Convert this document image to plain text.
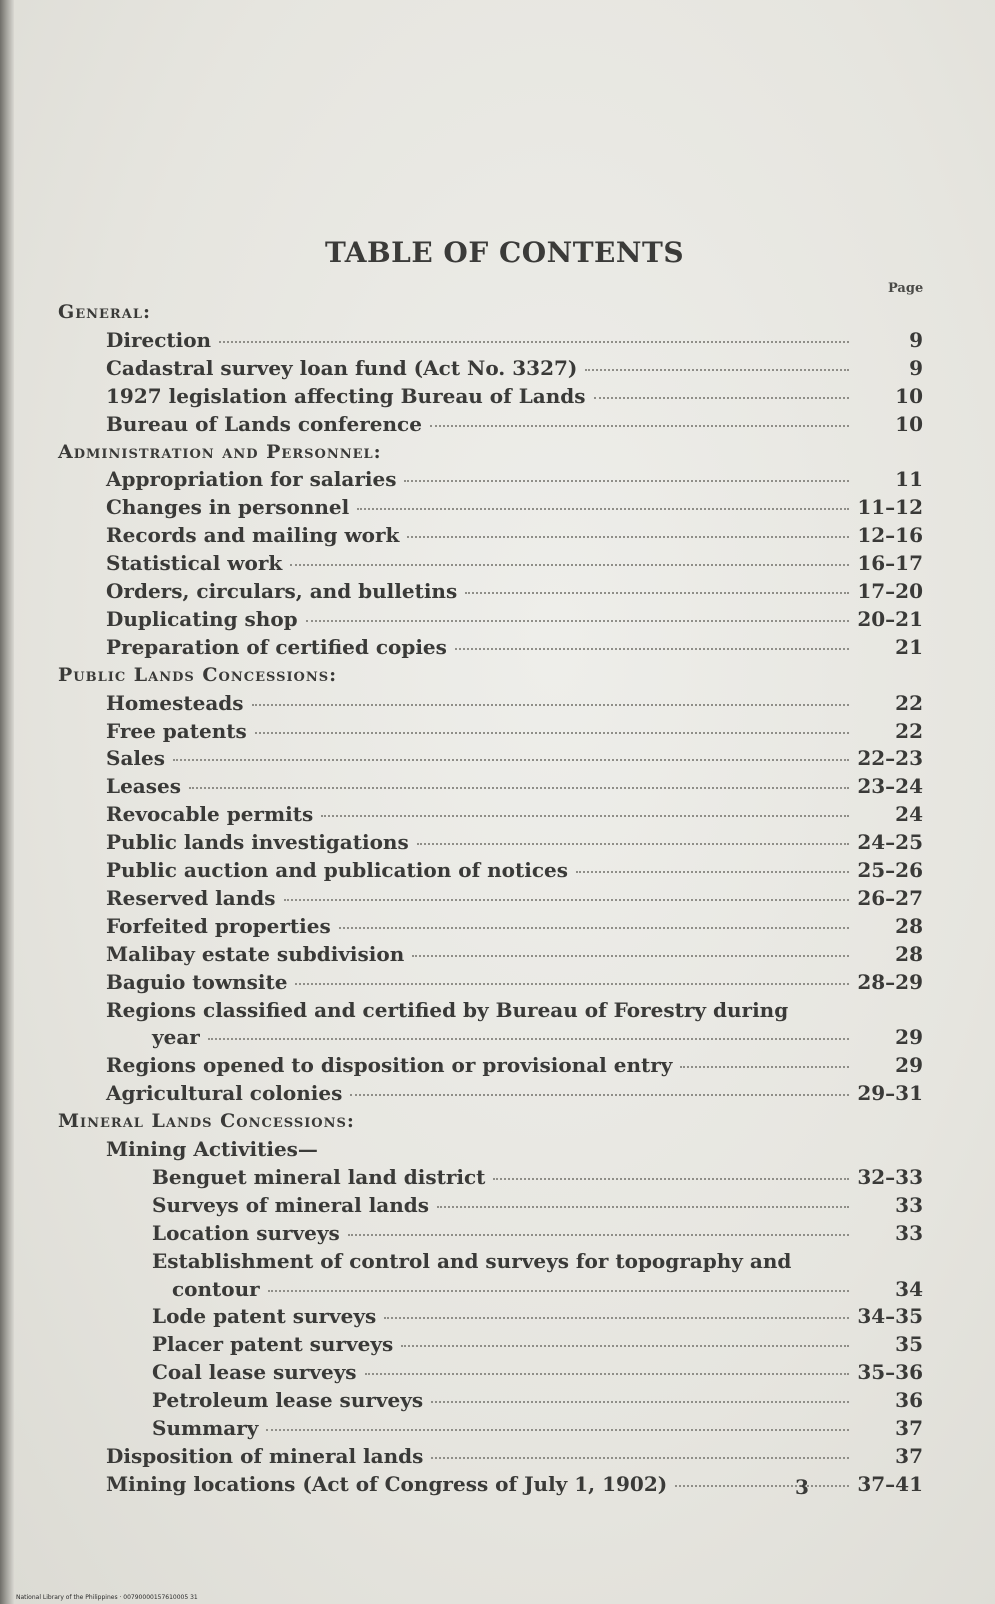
TABLE OF CONTENTS
Page
General:
Direction	9
Cadastral survey loan fund (Act No. 3327)	9
1927 legislation affecting Bureau of Lands	10
Bureau of Lands conference	10
Administration and Personnel:
Appropriation for salaries	11
Changes in personnel	11–12
Records and mailing work	12–16
Statistical work	16–17
Orders, circulars, and bulletins	17–20
Duplicating shop	20–21
Preparation of certified copies	21
Public Lands Concessions:
Homesteads	22
Free patents	22
Sales	22–23
Leases	23–24
Revocable permits	24
Public lands investigations	24–25
Public auction and publication of notices	25–26
Reserved lands	26–27
Forfeited properties	28
Malibay estate subdivision	28
Baguio townsite	28–29
Regions classified and certified by Bureau of Forestry during
year	29
Regions opened to disposition or provisional entry	29
Agricultural colonies	29–31
Mineral Lands Concessions:
Mining Activities—
Benguet mineral land district	32–33
Surveys of mineral lands	33
Location surveys	33
Establishment of control and surveys for topography and
contour	34
Lode patent surveys	34–35
Placer patent surveys	35
Coal lease surveys	35–36
Petroleum lease surveys	36
Summary	37
Disposition of mineral lands	37
Mining locations (Act of Congress of July 1, 1902)	37–41
3
National Library of the Philippines · 00790000157610005 31
